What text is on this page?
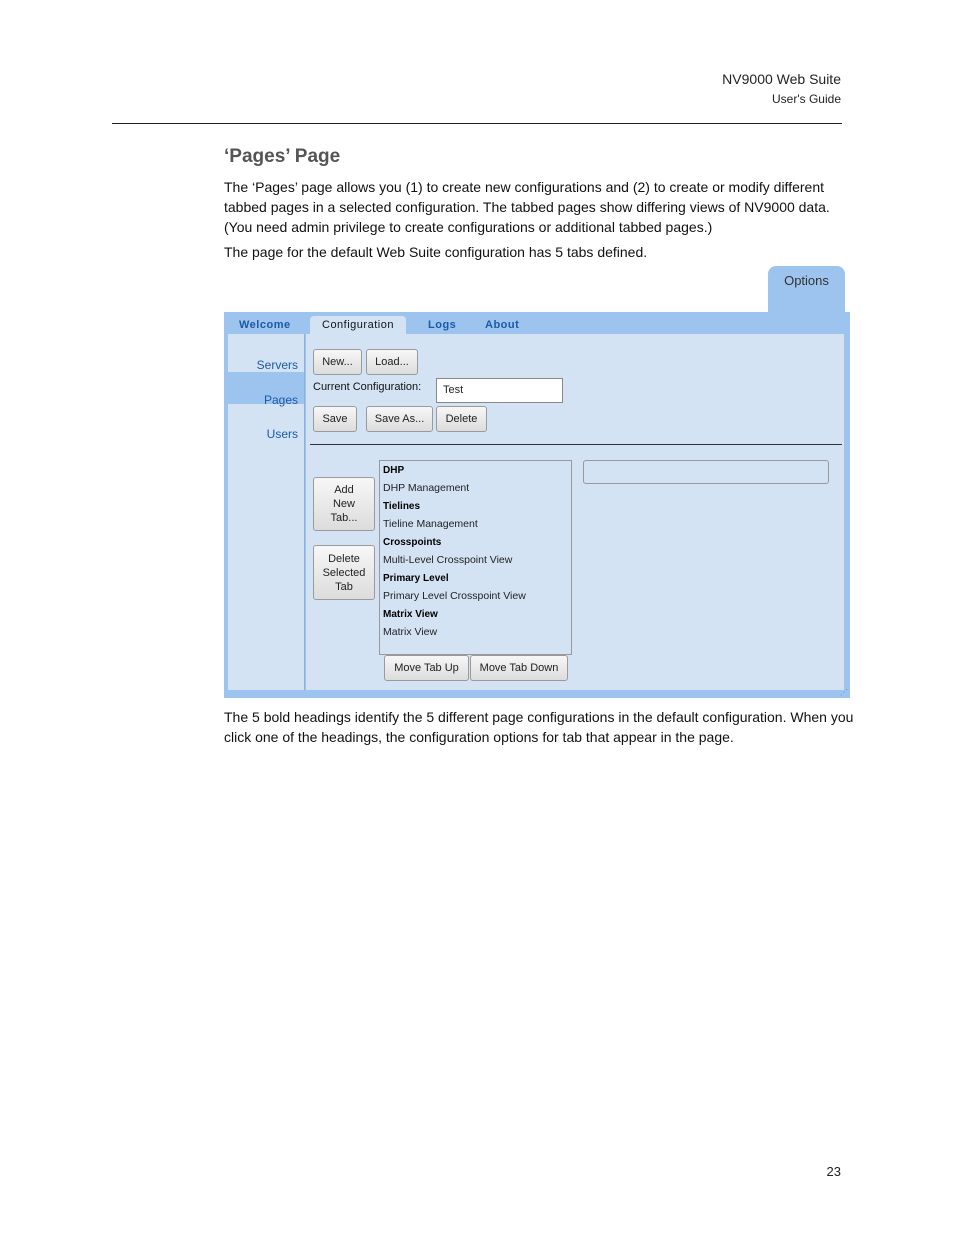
NV9000 Web Suite
User's Guide
‘Pages’ Page
The ‘Pages’ page allows you (1) to create new configurations and (2) to create or modify different tabbed pages in a selected configuration. The tabbed pages show differing views of NV9000 data. (You need admin privilege to create configurations or additional tabbed pages.)
The page for the default Web Suite configuration has 5 tabs defined.
Options
Welcome	Configuration	Logs	About
Servers
Pages
Users
New...	Load...
Current Configuration:	Test
Save	Save As...	Delete
Add
New
Tab...
Delete
Selected
Tab
DHP
DHP Management
Tielines
Tieline Management
Crosspoints
Multi-Level Crosspoint View
Primary Level
Primary Level Crosspoint View
Matrix View
Matrix View
Move Tab Up	Move Tab Down
⋰
The 5 bold headings identify the 5 different page configurations in the default configuration. When you click one of the headings, the configuration options for tab that appear in the page.
23
